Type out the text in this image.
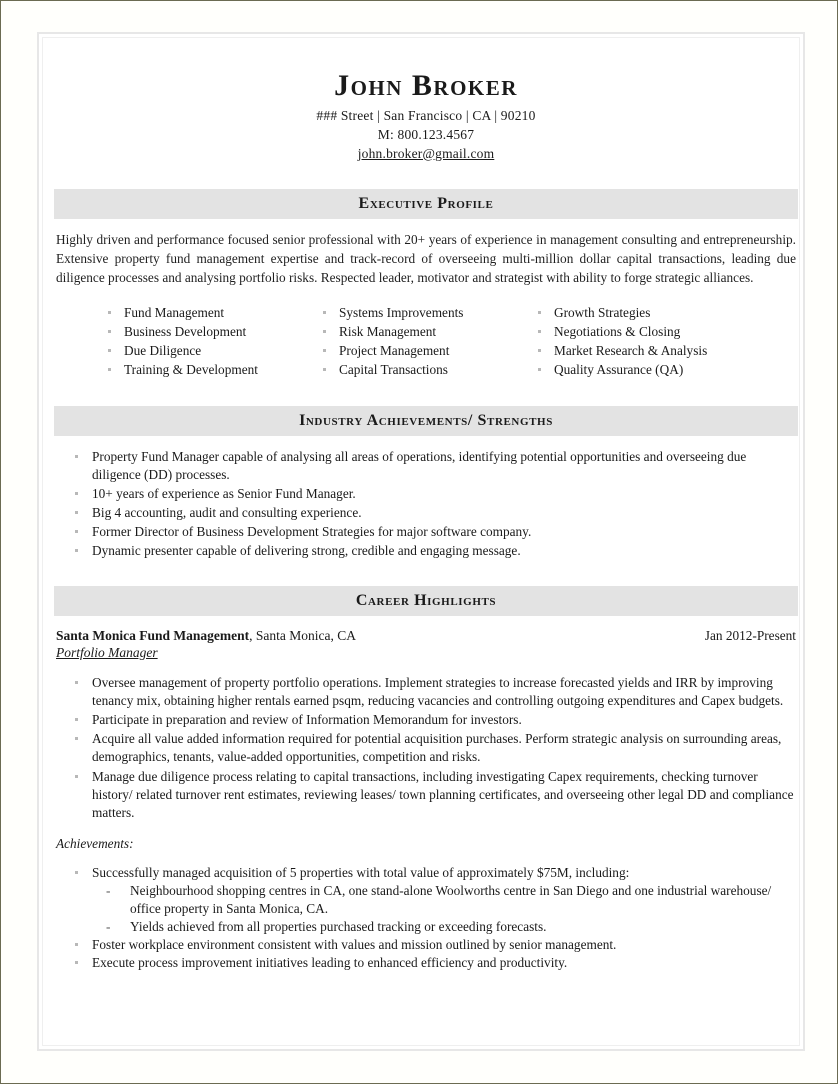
John Broker
### Street | San Francisco | CA | 90210
M: 800.123.4567
john.broker@gmail.com
Executive Profile
Highly driven and performance focused senior professional with 20+ years of experience in management consulting and entrepreneurship. Extensive property fund management expertise and track-record of overseeing multi-million dollar capital transactions, leading due diligence processes and analysing portfolio risks. Respected leader, motivator and strategist with ability to forge strategic alliances.
Fund Management
Business Development
Due Diligence
Training & Development
Systems Improvements
Risk Management
Project Management
Capital Transactions
Growth Strategies
Negotiations & Closing
Market Research & Analysis
Quality Assurance (QA)
Industry Achievements/ Strengths
Property Fund Manager capable of analysing all areas of operations, identifying potential opportunities and overseeing due diligence (DD) processes.
10+ years of experience as Senior Fund Manager.
Big 4 accounting, audit and consulting experience.
Former Director of Business Development Strategies for major software company.
Dynamic presenter capable of delivering strong, credible and engaging message.
Career Highlights
Santa Monica Fund Management, Santa Monica, CA	Jan 2012-Present
Portfolio Manager
Oversee management of property portfolio operations. Implement strategies to increase forecasted yields and IRR by improving tenancy mix, obtaining higher rentals earned psqm, reducing vacancies and controlling outgoing expenditures and Capex budgets.
Participate in preparation and review of Information Memorandum for investors.
Acquire all value added information required for potential acquisition purchases. Perform strategic analysis on surrounding areas, demographics, tenants, value-added opportunities, competition and risks.
Manage due diligence process relating to capital transactions, including investigating Capex requirements, checking turnover history/ related turnover rent estimates, reviewing leases/ town planning certificates, and overseeing other legal DD and compliance matters.
Achievements:
Successfully managed acquisition of 5 properties with total value of approximately $75M, including:
- Neighbourhood shopping centres in CA, one stand-alone Woolworths centre in San Diego and one industrial warehouse/ office property in Santa Monica, CA.
- Yields achieved from all properties purchased tracking or exceeding forecasts.
Foster workplace environment consistent with values and mission outlined by senior management.
Execute process improvement initiatives leading to enhanced efficiency and productivity.
